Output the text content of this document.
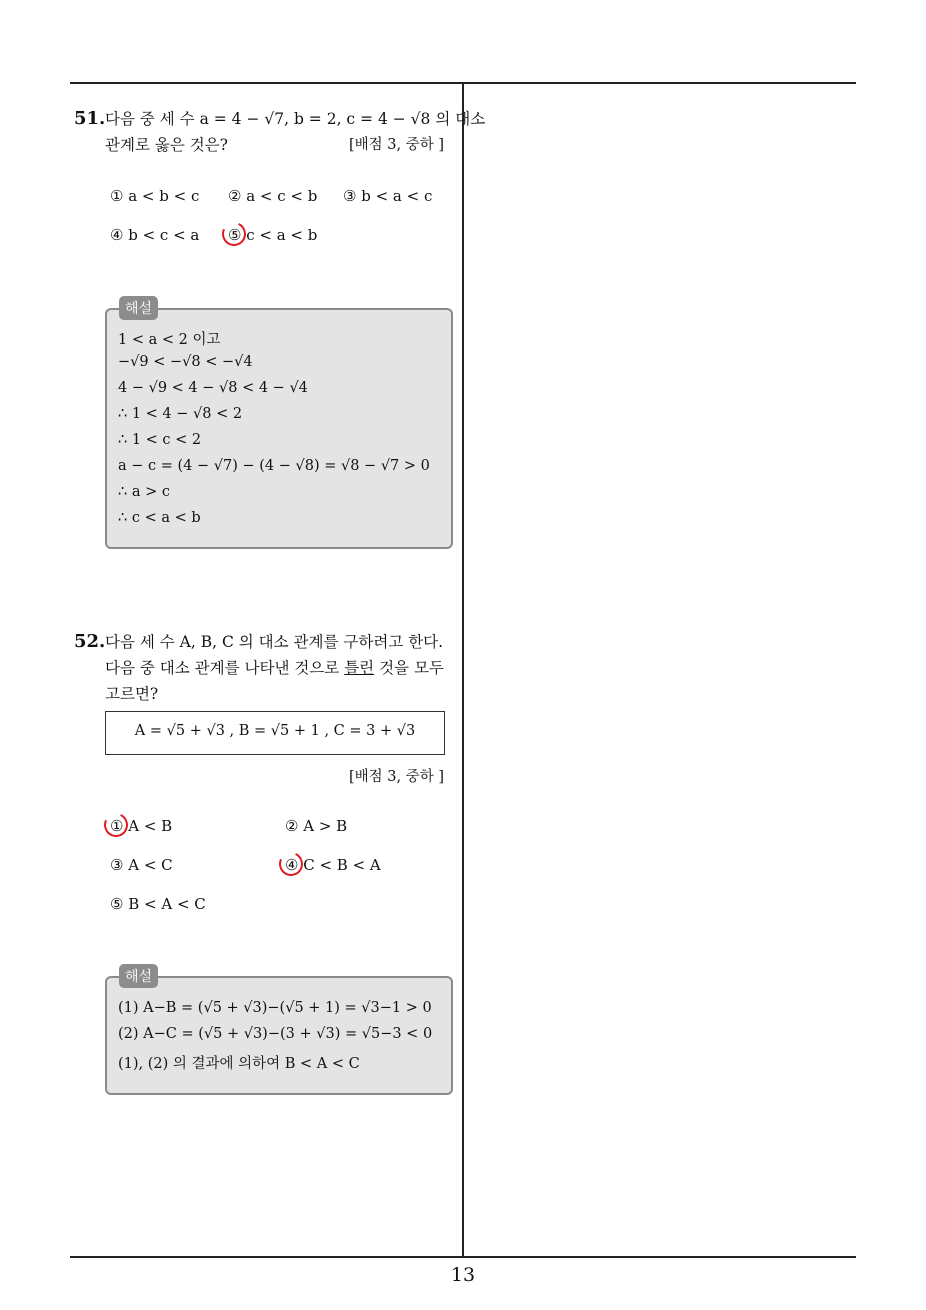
13
51. 다음 중 세 수 a = 4 − √7, b = 2, c = 4 − √8 의 대소
관계로 옳은 것은?	[배점 3, 중하 ]
① a < b < c ② a < c < b ③ b < a < c
④ b < c < a ⑤ c < a < b
해설
1 < a < 2 이고
−√9 < −√8 < −√4
4 − √9 < 4 − √8 < 4 − √4
∴ 1 < 4 − √8 < 2
∴ 1 < c < 2
a − c = (4 − √7) − (4 − √8) = √8 − √7 > 0
∴ a > c
∴ c < a < b
52. 다음 세 수 A, B, C 의 대소 관계를 구하려고 한다.
다음 중 대소 관계를 나타낸 것으로 틀린 것을 모두
고르면?
A = √5 + √3 , B = √5 + 1 , C = 3 + √3
[배점 3, 중하 ]
① A < B	② A > B
③ A < C	④ C < B < A
⑤ B < A < C
해설
(1) A−B = (√5 + √3)−(√5 + 1) = √3−1 > 0
(2) A−C = (√5 + √3)−(3 + √3) = √5−3 < 0
(1), (2) 의 결과에 의하여 B < A < C
